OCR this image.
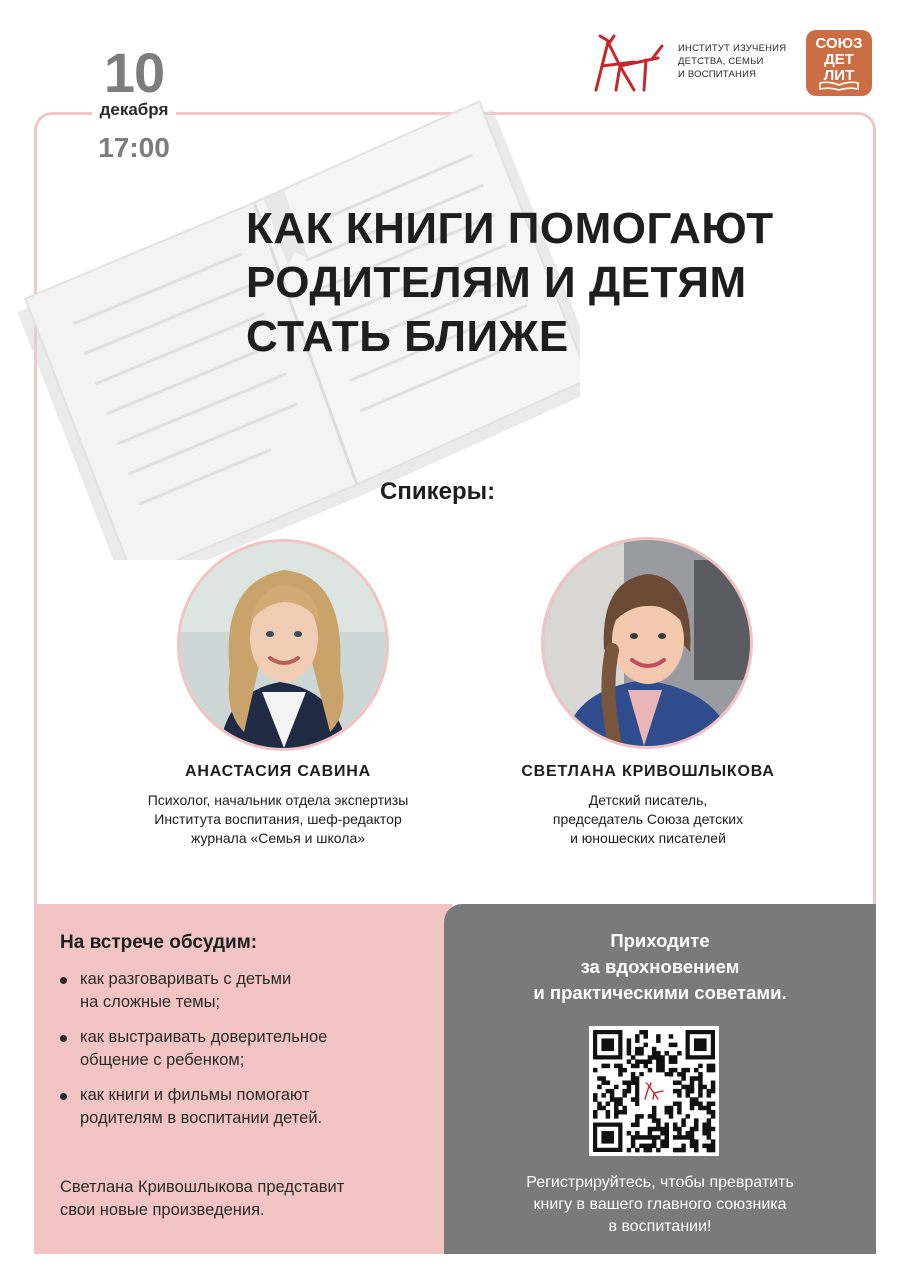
10
декабря
17:00
ИНСТИТУТ ИЗУЧЕНИЯ
ДЕТСТВА, СЕМЬИ
И ВОСПИТАНИЯ
СОЮЗ
ДЕТ
ЛИТ
КАК КНИГИ ПОМОГАЮТ
РОДИТЕЛЯМ И ДЕТЯМ
СТАТЬ БЛИЖЕ
Спикеры:
АНАСТАСИЯ САВИНА
Психолог, начальник отдела экспертизы
Института воспитания, шеф-редактор
журнала «Семья и школа»
СВЕТЛАНА КРИВОШЛЫКОВА
Детский писатель,
председатель Союза детских
и юношеских писателей
На встрече обсудим:
как разговаривать с детьми
на сложные темы;
как выстраивать доверительное
общение с ребенком;
как книги и фильмы помогают
родителям в воспитании детей.
Светлана Кривошлыкова представит
свои новые произведения.
Приходите
за вдохновением
и практическими советами.
Регистрируйтесь, чтобы превратить
книгу в вашего главного союзника
в воспитании!
